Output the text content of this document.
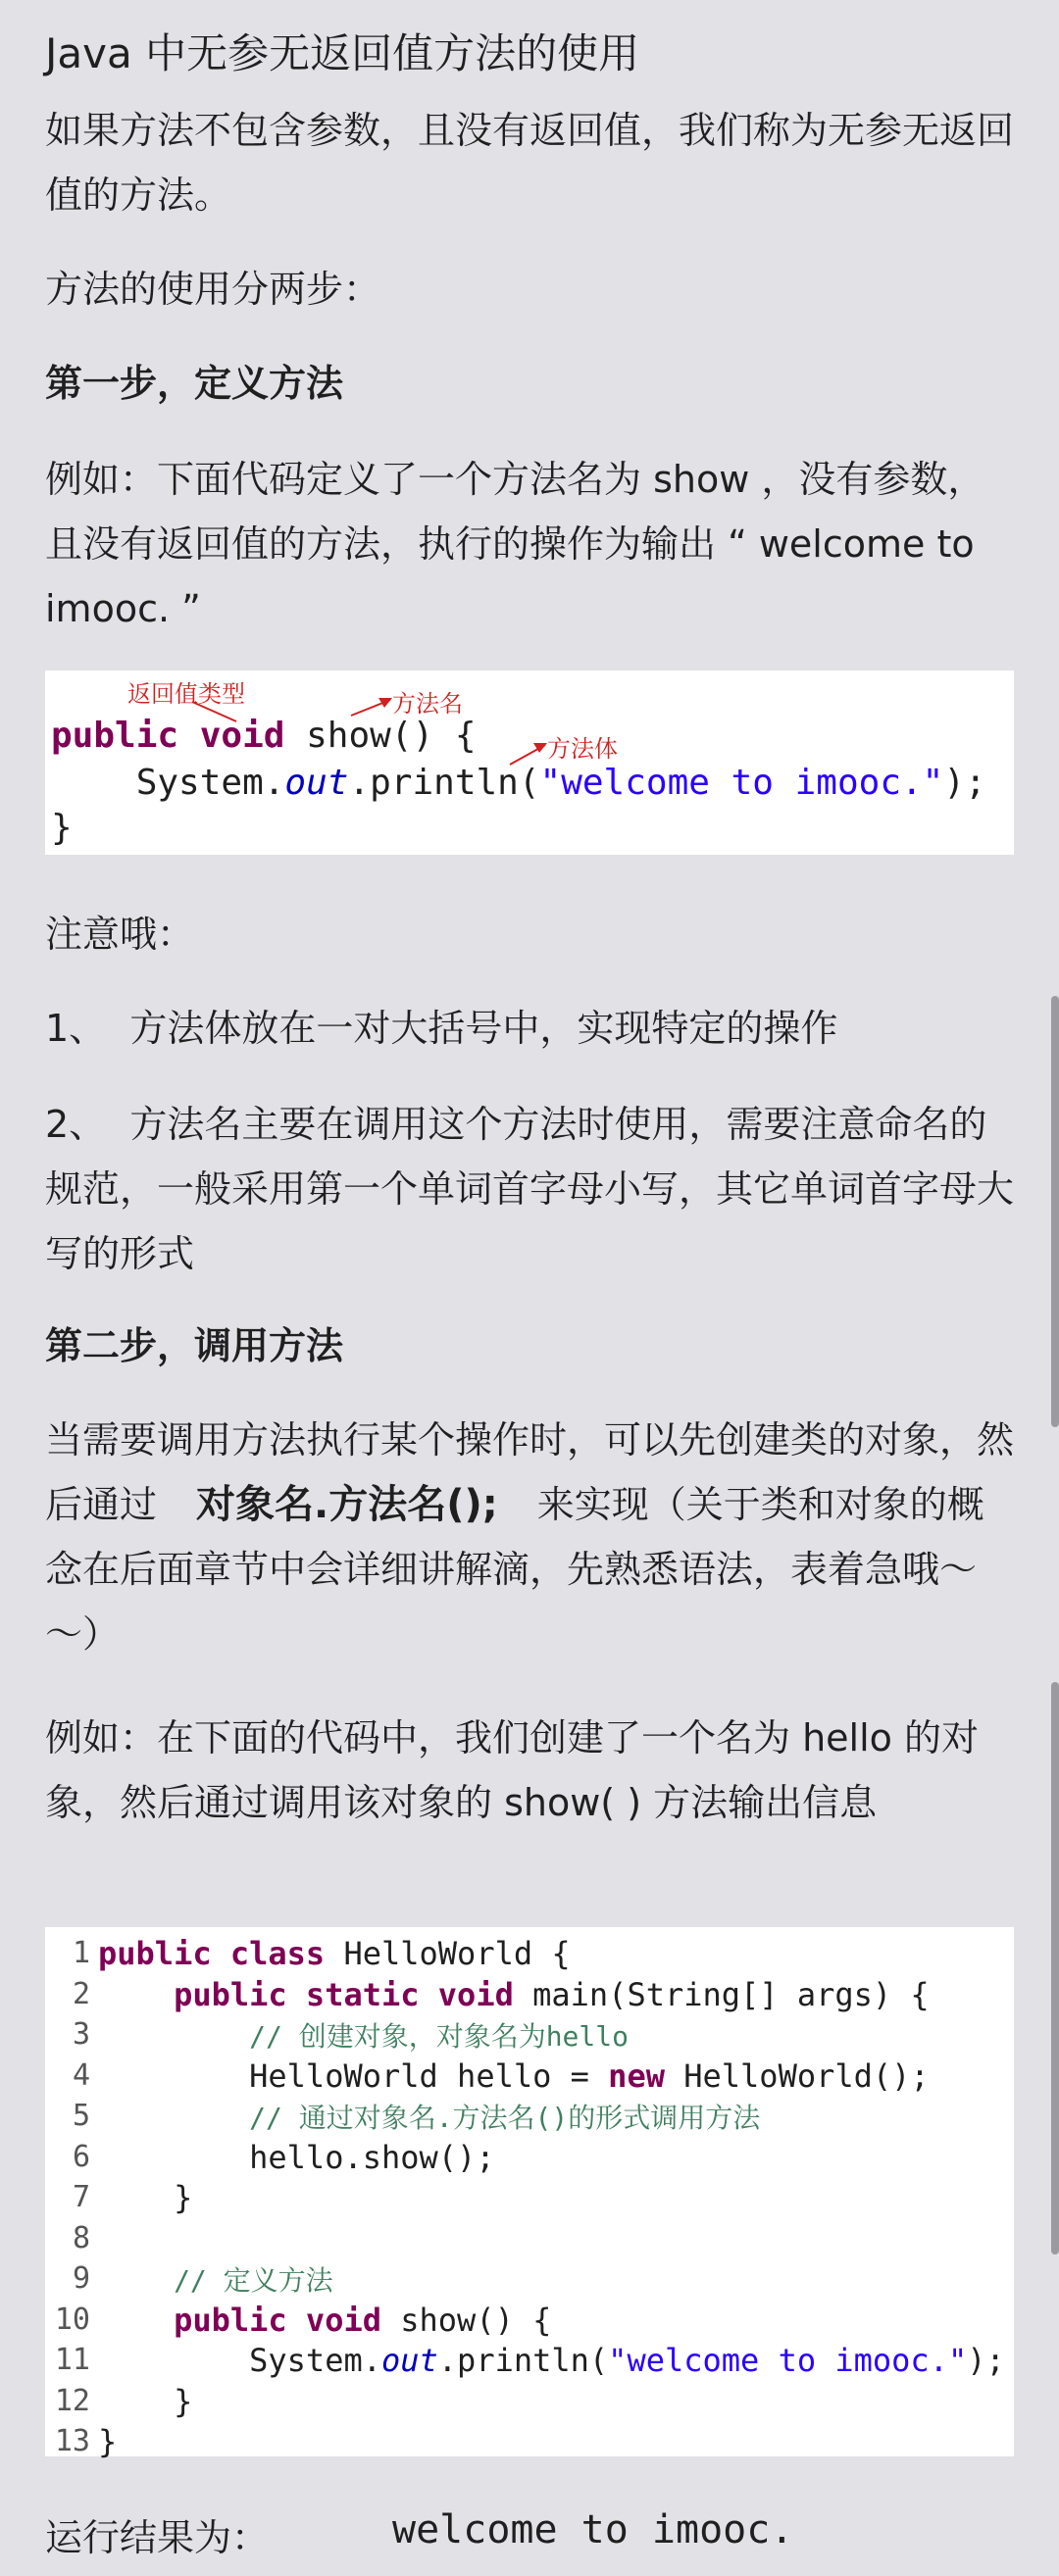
Java 中无参无返回值方法的使用
如果方法不包含参数，且没有返回值，我们称为无参无返回值的方法。
方法的使用分两步：
第一步，定义方法
例如：下面代码定义了一个方法名为 show ，没有参数，且没有返回值的方法，执行的操作为输出 “ welcome to imooc. ”
返回值类型	方法名
方法体
public void show() {
System.out.println("welcome to imooc.");
}
注意哦：
1、  方法体放在一对大括号中，实现特定的操作
2、  方法名主要在调用这个方法时使用，需要注意命名的规范，一般采用第一个单词首字母小写，其它单词首字母大写的形式
第二步，调用方法
当需要调用方法执行某个操作时，可以先创建类的对象，然后通过 对象名.方法名(); 来实现（关于类和对象的概念在后面章节中会详细讲解滴，先熟悉语法，表着急哦～～）
例如：在下面的代码中，我们创建了一个名为 hello 的对象，然后通过调用该对象的 show( ) 方法输出信息
1 public class HelloWorld {
2	public static void main(String[] args) {
3	// 创建对象，对象名为hello
4 HelloWorld hello = new HelloWorld();
5	// 通过对象名.方法名()的形式调用方法
6 hello.show();
7 }
8
9	// 定义方法
10	public void show() {
11 System.out.println("welcome to imooc.");
12 }
13 }
运行结果为：	welcome to imooc.
